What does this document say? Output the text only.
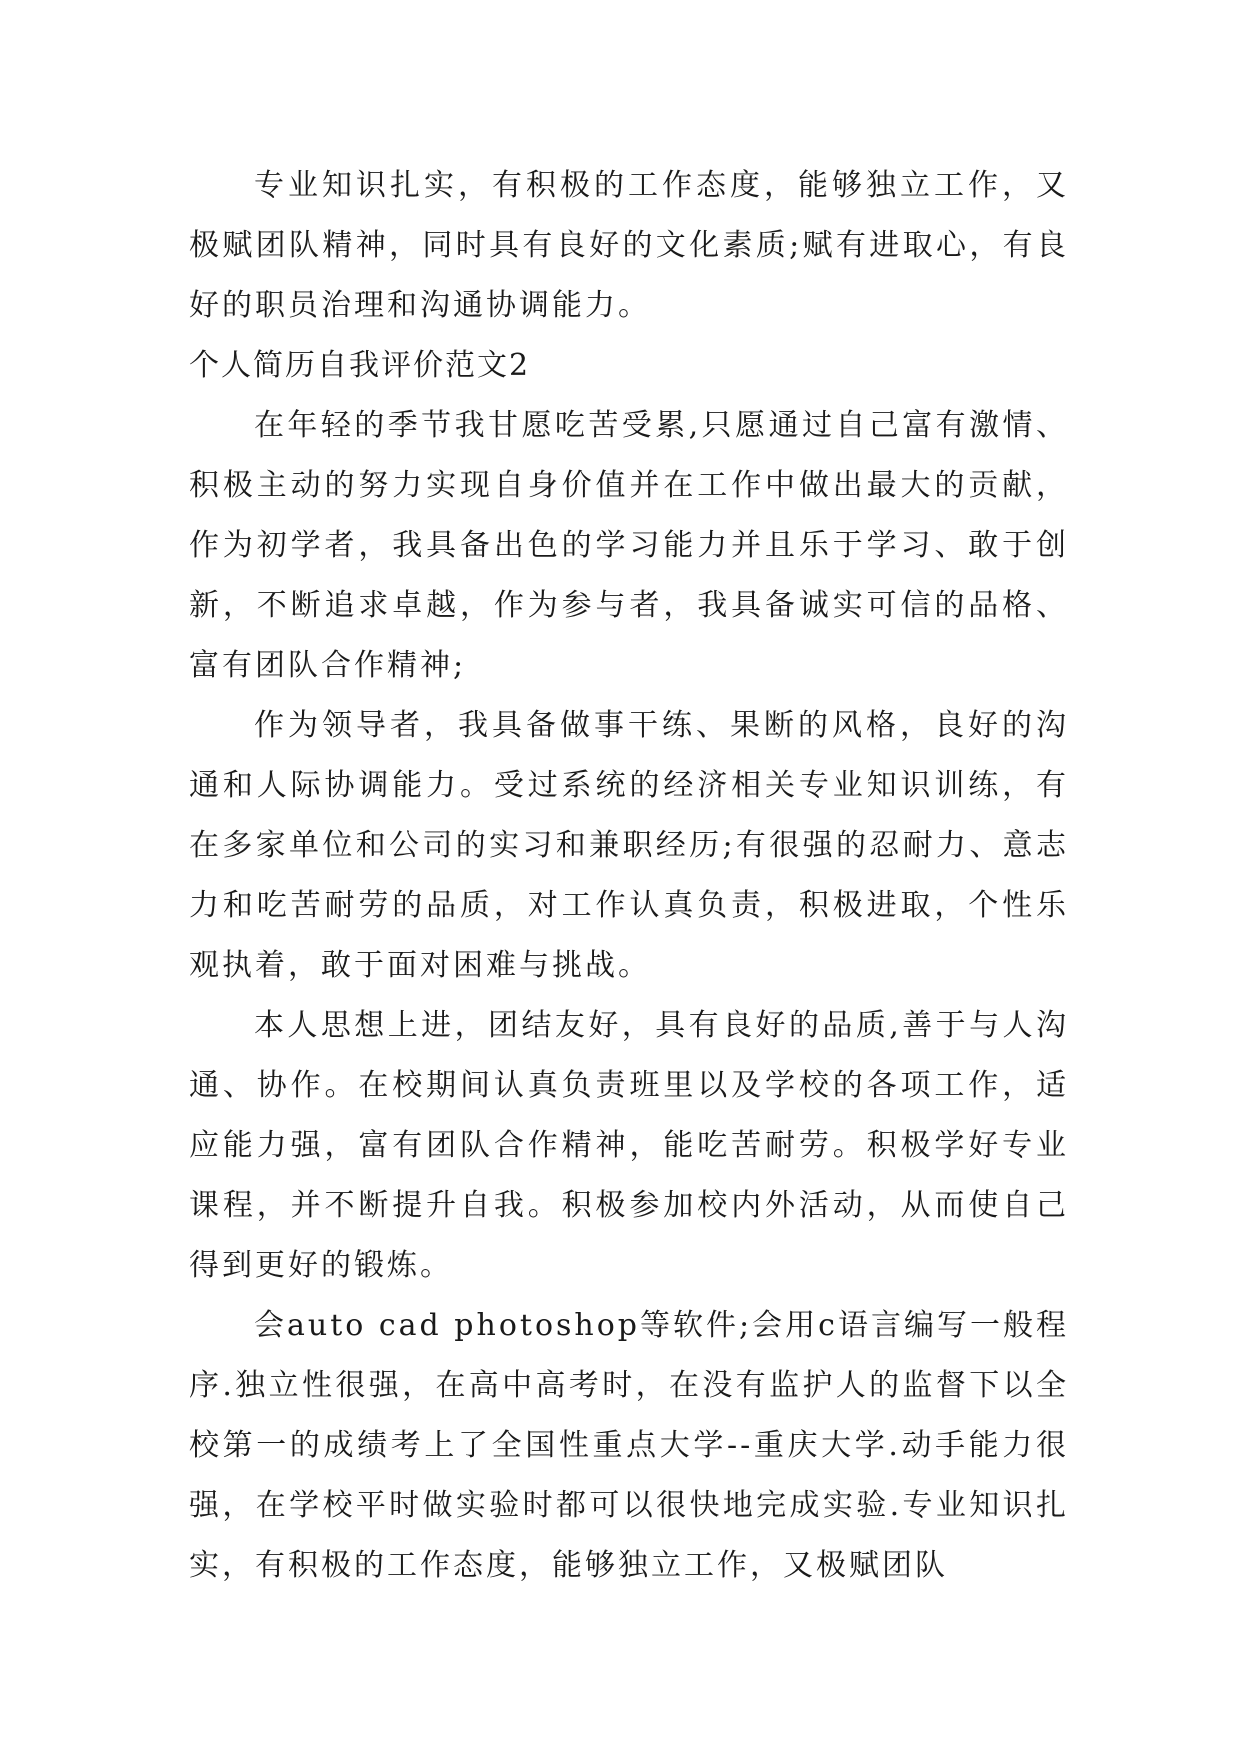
专业知识扎实，有积极的工作态度，能够独立工作，又极赋团队精神，同时具有良好的文化素质;赋有进取心，有良好的职员治理和沟通协调能力。

个人简历自我评价范文2

在年轻的季节我甘愿吃苦受累,只愿通过自己富有激情、积极主动的努力实现自身价值并在工作中做出最大的贡献，作为初学者，我具备出色的学习能力并且乐于学习、敢于创新，不断追求卓越，作为参与者，我具备诚实可信的品格、富有团队合作精神;

作为领导者，我具备做事干练、果断的风格，良好的沟通和人际协调能力。受过系统的经济相关专业知识训练，有在多家单位和公司的实习和兼职经历;有很强的忍耐力、意志力和吃苦耐劳的品质，对工作认真负责，积极进取，个性乐观执着，敢于面对困难与挑战。

本人思想上进，团结友好，具有良好的品质,善于与人沟通、协作。在校期间认真负责班里以及学校的各项工作，适应能力强，富有团队合作精神，能吃苦耐劳。积极学好专业课程，并不断提升自我。积极参加校内外活动，从而使自己得到更好的锻炼。

会auto cad photoshop等软件;会用c语言编写一般程序.独立性很强，在高中高考时，在没有监护人的监督下以全校第一的成绩考上了全国性重点大学--重庆大学.动手能力很强，在学校平时做实验时都可以很快地完成实验.专业知识扎实，有积极的工作态度，能够独立工作，又极赋团队
